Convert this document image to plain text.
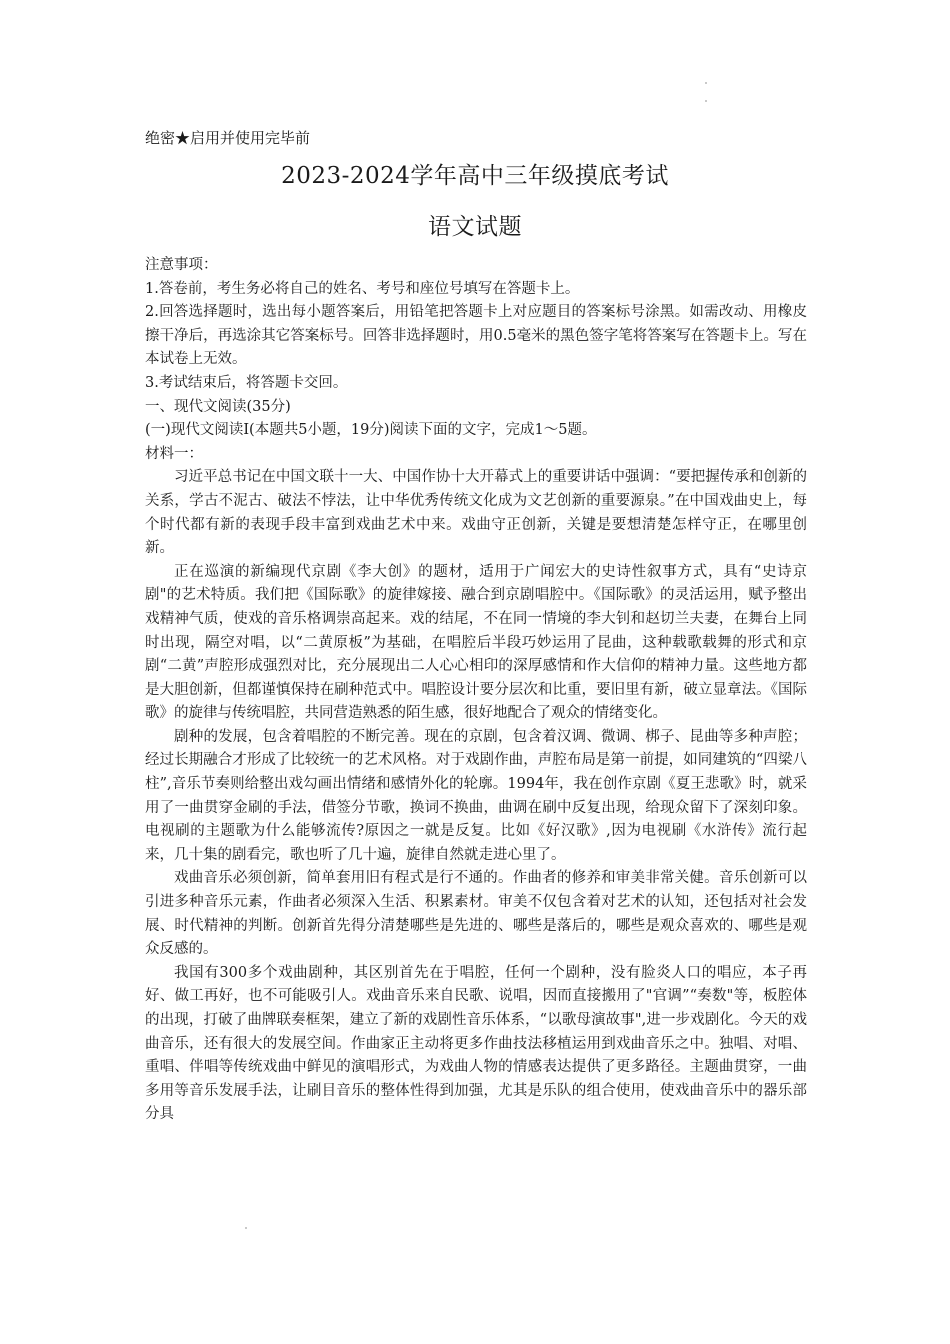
绝密★启用并使用完毕前
2023-2024学年高中三年级摸底考试
语文试题
注意事项：
1.答卷前，考生务必将自己的姓名、考号和座位号填写在答题卡上。
2.回答选择题时，选出每小题答案后，用铅笔把答题卡上对应题目的答案标号涂黑。如需改动、用橡皮擦干净后，再选涂其它答案标号。回答非选择题时，用0.5毫米的黑色签字笔将答案写在答题卡上。写在本试卷上无效。
3.考试结束后，将答题卡交回。
一、现代文阅读(35分)
(一)现代文阅读I(本题共5小题，19分)阅读下面的文字，完成1～5题。
材料一：
习近平总书记在中国文联十一大、中国作协十大开幕式上的重要讲话中强调：“要把握传承和创新的关系，学古不泥古、破法不悖法，让中华优秀传统文化成为文艺创新的重要源泉。”在中国戏曲史上，每个时代都有新的表现手段丰富到戏曲艺术中来。戏曲守正创新，关键是要想清楚怎样守正，在哪里创新。
正在巡演的新编现代京剧《李大创》的题材，适用于广闻宏大的史诗性叙事方式，具有“史诗京剧"的艺术特质。我们把《国际歌》的旋律嫁接、融合到京剧唱腔中。《国际歌》的灵活运用，赋予整出戏精神气质，使戏的音乐格调崇高起来。戏的结尾，不在同一情境的李大钊和赵切兰夫妻，在舞台上同时出现，隔空对唱，以“二黄原板”为基础，在唱腔后半段巧妙运用了昆曲，这种载歌载舞的形式和京剧“二黄”声腔形成强烈对比，充分展现出二人心心相印的深厚感情和作大信仰的精神力量。这些地方都是大胆创新，但都谨慎保持在刷种范式中。唱腔设计要分层次和比重，要旧里有新，破立显章法。《国际歌》的旋律与传统唱腔，共同营造熟悉的陌生感，很好地配合了观众的情绪变化。
剧种的发展，包含着唱腔的不断完善。现在的京剧，包含着汉调、微调、梆子、昆曲等多种声腔；经过长期融合才形成了比较统一的艺术风格。对于戏剧作曲，声腔布局是第一前提，如同建筑的“四梁八柱”,音乐节奏则给整出戏勾画出情绪和感情外化的轮廓。1994年，我在创作京剧《夏王悲歌》时，就采用了一曲贯穿金刷的手法，借签分节歌，换词不换曲，曲调在刷中反复出现，给现众留下了深刻印象。电视刷的主题歌为什么能够流传?原因之一就是反复。比如《好汉歌》,因为电视刷《水浒传》流行起来，几十集的剧看完，歌也听了几十遍，旋律自然就走进心里了。
戏曲音乐必须创新，简单套用旧有程式是行不通的。作曲者的修养和审美非常关健。音乐创新可以引进多种音乐元素，作曲者必须深入生活、积累素材。审美不仅包含着对艺术的认知，还包括对社会发展、时代精神的判断。创新首先得分清楚哪些是先进的、哪些是落后的，哪些是观众喜欢的、哪些是观众反感的。
我国有300多个戏曲剧种，其区别首先在于唱腔，任何一个剧种，没有脸炎人口的唱应，本子再好、做工再好，也不可能吸引人。戏曲音乐来自民歌、说唱，因而直接搬用了"官调”“奏数"等，板腔体的出现，打破了曲牌联奏框架，建立了新的戏剧性音乐体系，“以歌母演故事",进一步戏剧化。今天的戏曲音乐，还有很大的发展空间。作曲家正主动将更多作曲技法移植运用到戏曲音乐之中。独唱、对唱、重唱、伴唱等传统戏曲中鲜见的演唱形式，为戏曲人物的情感表达提供了更多路径。主题曲贯穿，一曲多用等音乐发展手法，让刷目音乐的整体性得到加强，尤其是乐队的组合使用，使戏曲音乐中的器乐部分具
